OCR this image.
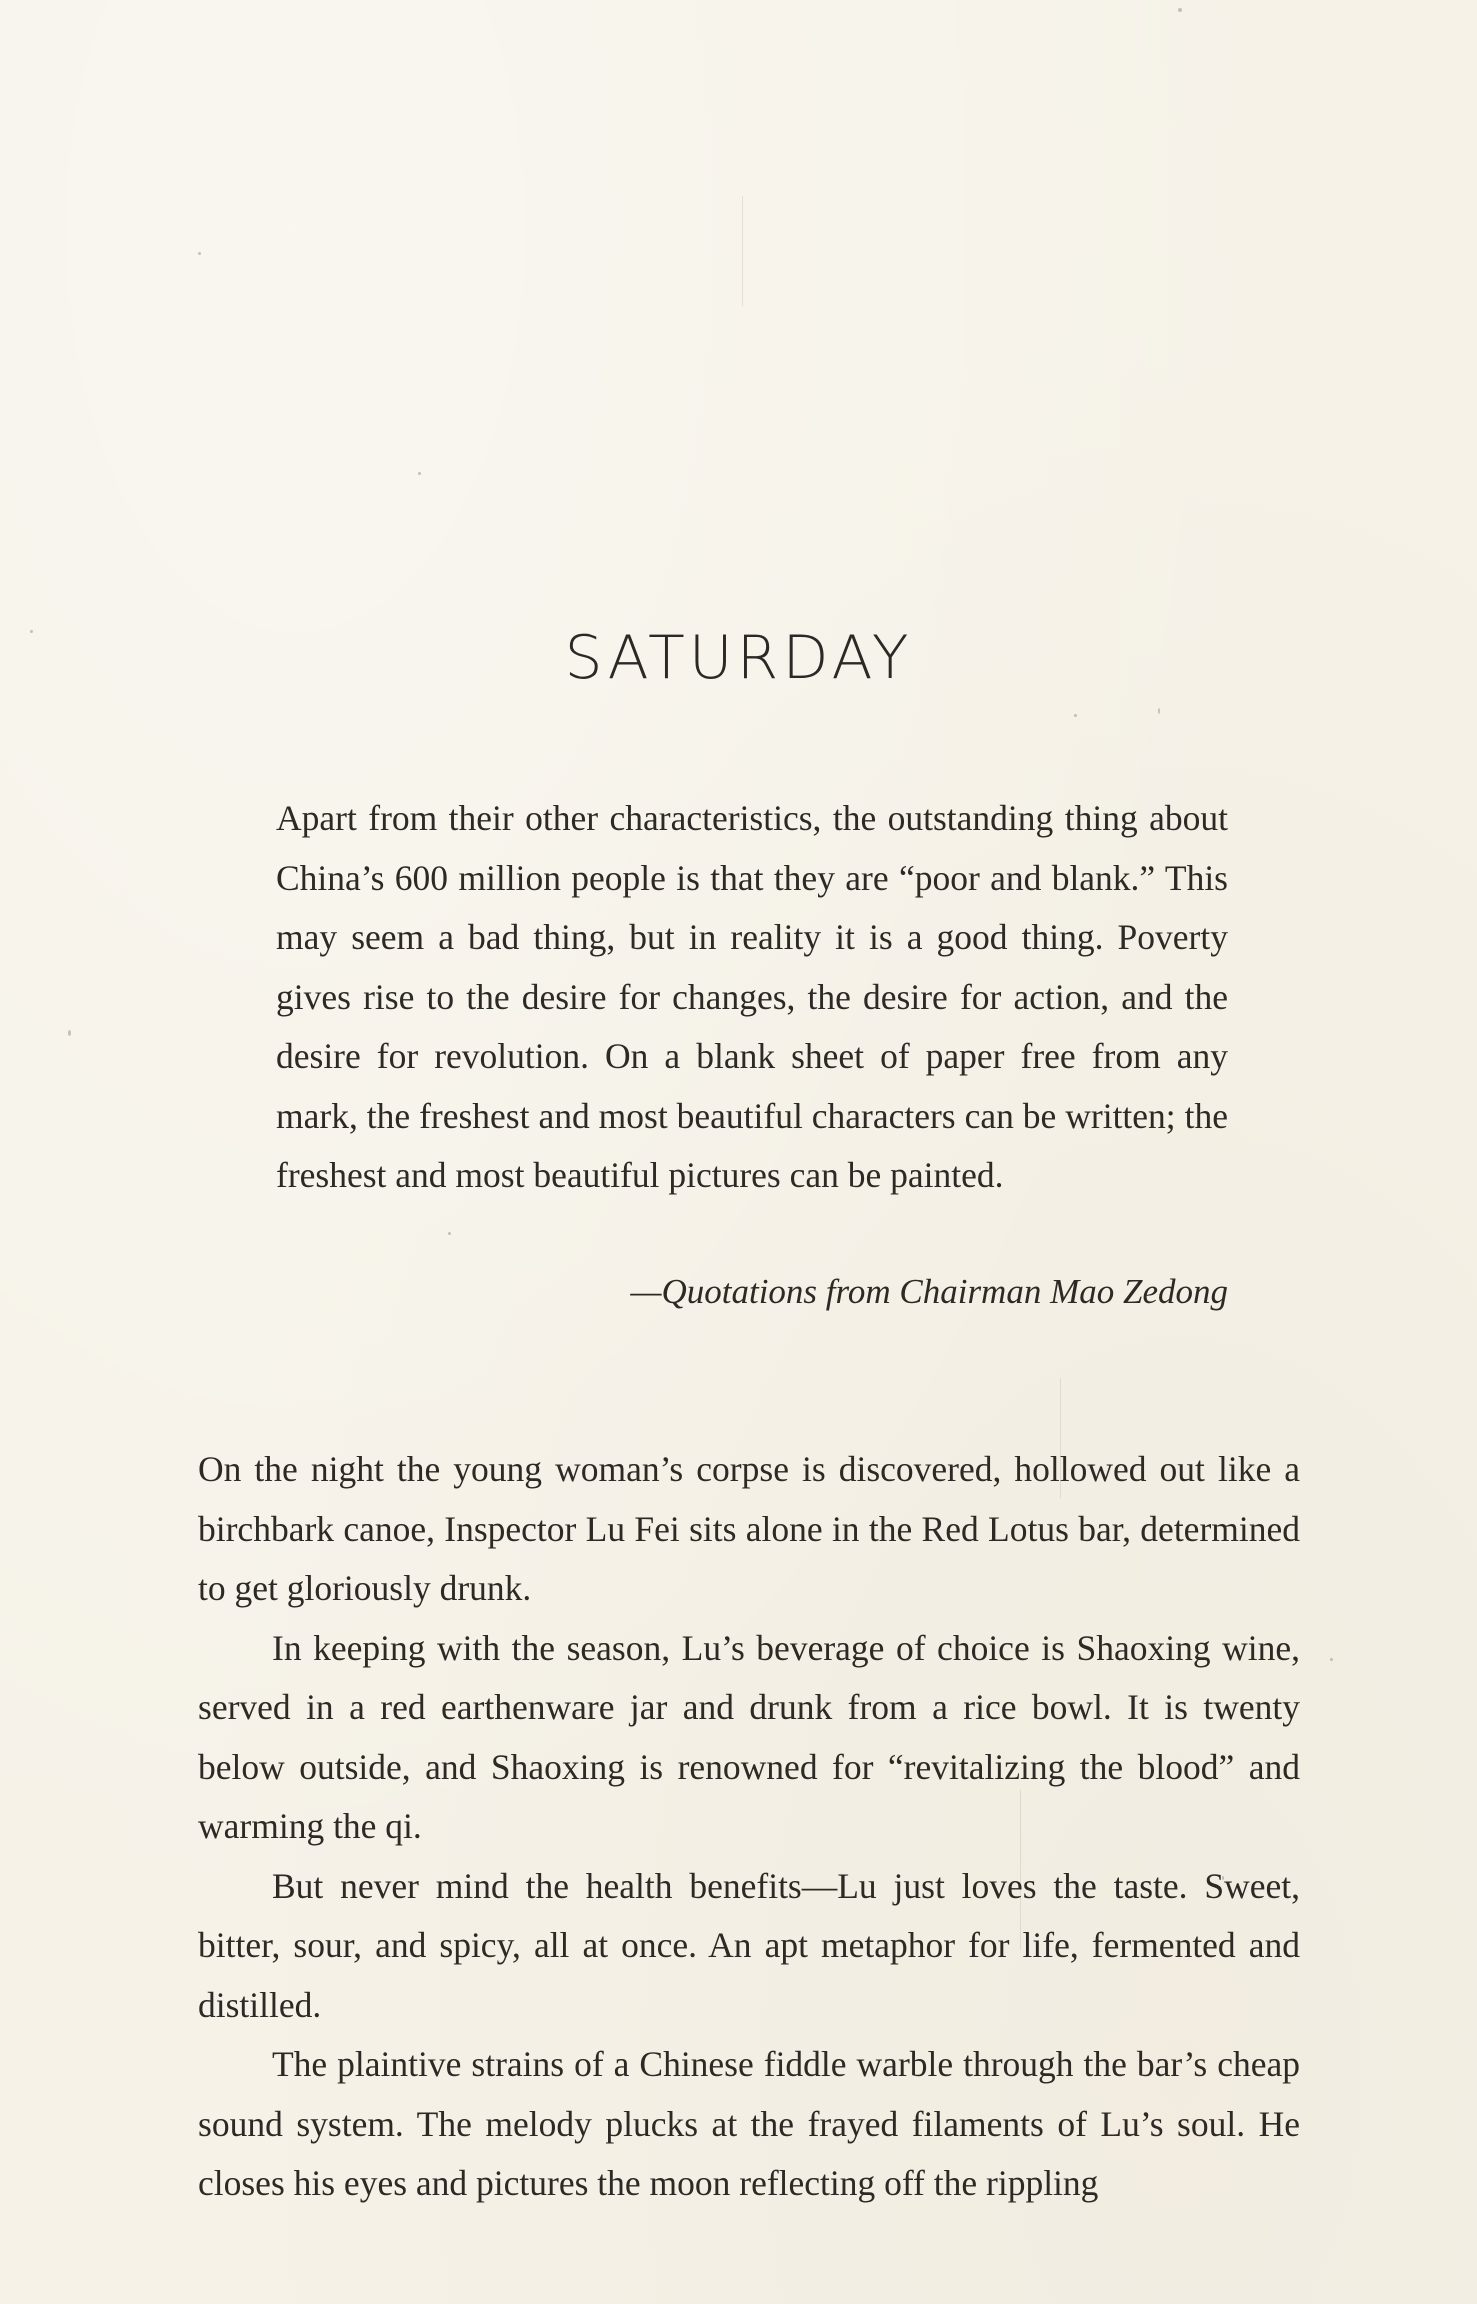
SATURDAY

Apart from their other characteristics, the outstanding thing about China’s 600 million people is that they are “poor and blank.” This may seem a bad thing, but in reality it is a good thing. Poverty gives rise to the desire for changes, the desire for action, and the desire for revolution. On a blank sheet of paper free from any mark, the freshest and most beautiful characters can be written; the freshest and most beautiful pictures can be painted.

—Quotations from Chairman Mao Zedong

On the night the young woman’s corpse is discovered, hollowed out like a birchbark canoe, Inspector Lu Fei sits alone in the Red Lotus bar, determined to get gloriously drunk.

In keeping with the season, Lu’s beverage of choice is Shaoxing wine, served in a red earthenware jar and drunk from a rice bowl. It is twenty below outside, and Shaoxing is renowned for “revitalizing the blood” and warming the qi.

But never mind the health benefits—Lu just loves the taste. Sweet, bitter, sour, and spicy, all at once. An apt metaphor for life, fermented and distilled.

The plaintive strains of a Chinese fiddle warble through the bar’s cheap sound system. The melody plucks at the frayed filaments of Lu’s soul. He closes his eyes and pictures the moon reflecting off the rippling
